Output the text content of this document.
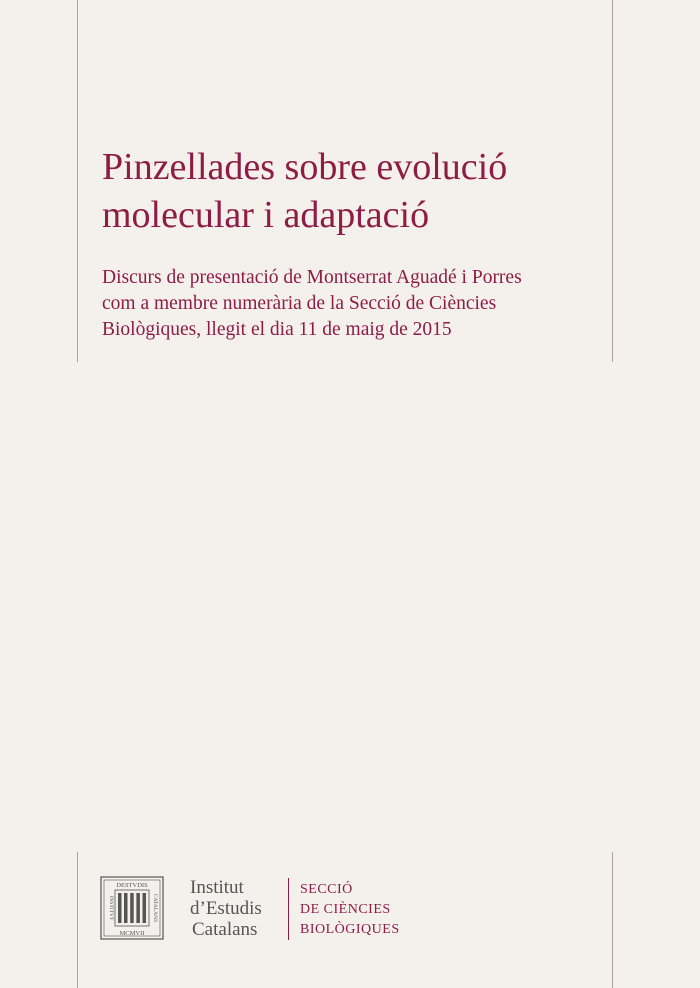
Pinzellades sobre evolució
molecular i adaptació

Discurs de presentació de Montserrat Aguadé i Porres
com a membre numerària de la Secció de Ciències
Biològiques, llegit el dia 11 de maig de 2015

DESTVDIS
MCMVII
INSTITVT	CATALANS
Institut
d’Estudis
Catalans
SECCIÓ
DE CIÈNCIES
BIOLÒGIQUES
